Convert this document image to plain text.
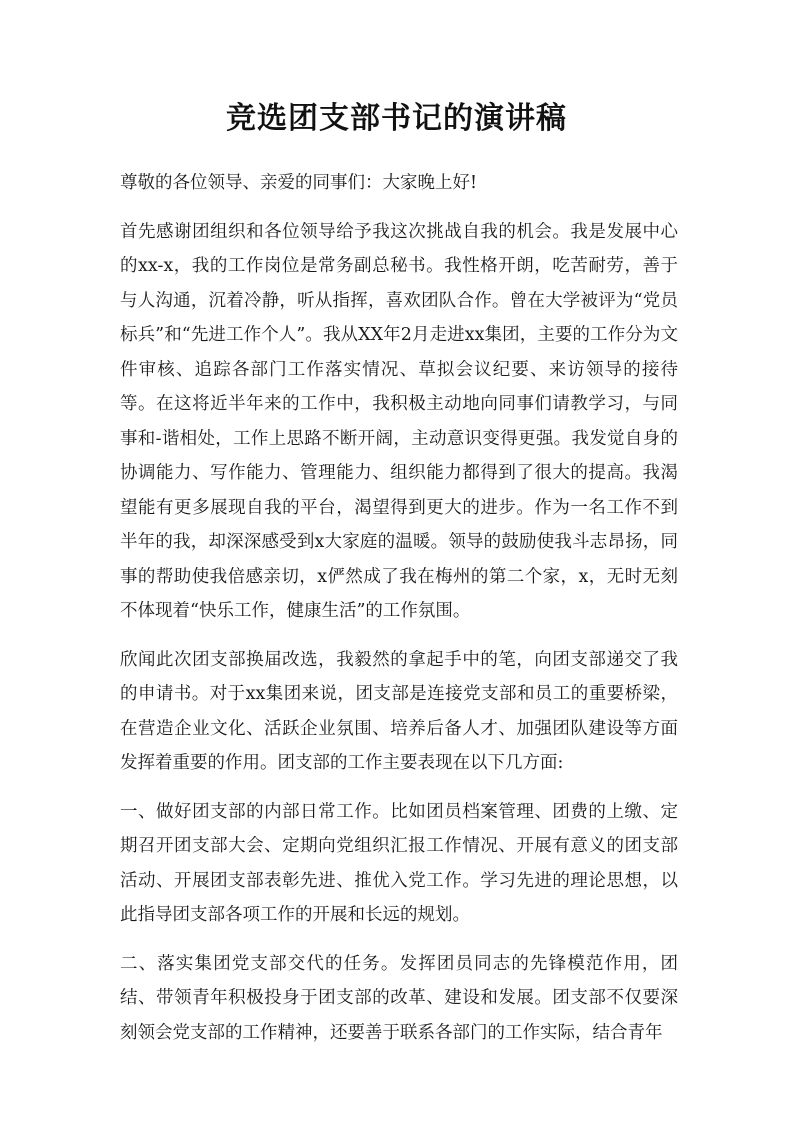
竞选团支部书记的演讲稿

尊敬的各位领导、亲爱的同事们：大家晚上好!

首先感谢团组织和各位领导给予我这次挑战自我的机会。我是发展中心的xx-x，我的工作岗位是常务副总秘书。我性格开朗，吃苦耐劳，善于与人沟通，沉着冷静，听从指挥，喜欢团队合作。曾在大学被评为“党员标兵”和“先进工作个人”。我从XX年2月走进xx集团，主要的工作分为文件审核、追踪各部门工作落实情况、草拟会议纪要、来访领导的接待等。在这将近半年来的工作中，我积极主动地向同事们请教学习，与同事和-谐相处，工作上思路不断开阔，主动意识变得更强。我发觉自身的协调能力、写作能力、管理能力、组织能力都得到了很大的提高。我渴望能有更多展现自我的平台，渴望得到更大的进步。作为一名工作不到半年的我，却深深感受到x大家庭的温暖。领导的鼓励使我斗志昂扬，同事的帮助使我倍感亲切，x俨然成了我在梅州的第二个家，x，无时无刻不体现着“快乐工作，健康生活”的工作氛围。

欣闻此次团支部换届改选，我毅然的拿起手中的笔，向团支部递交了我的申请书。对于xx集团来说，团支部是连接党支部和员工的重要桥梁，在营造企业文化、活跃企业氛围、培养后备人才、加强团队建设等方面发挥着重要的作用。团支部的工作主要表现在以下几方面:

一、做好团支部的内部日常工作。比如团员档案管理、团费的上缴、定期召开团支部大会、定期向党组织汇报工作情况、开展有意义的团支部活动、开展团支部表彰先进、推优入党工作。学习先进的理论思想，以此指导团支部各项工作的开展和长远的规划。

二、落实集团党支部交代的任务。发挥团员同志的先锋模范作用，团结、带领青年积极投身于团支部的改革、建设和发展。团支部不仅要深刻领会党支部的工作精神，还要善于联系各部门的工作实际，结合青年
